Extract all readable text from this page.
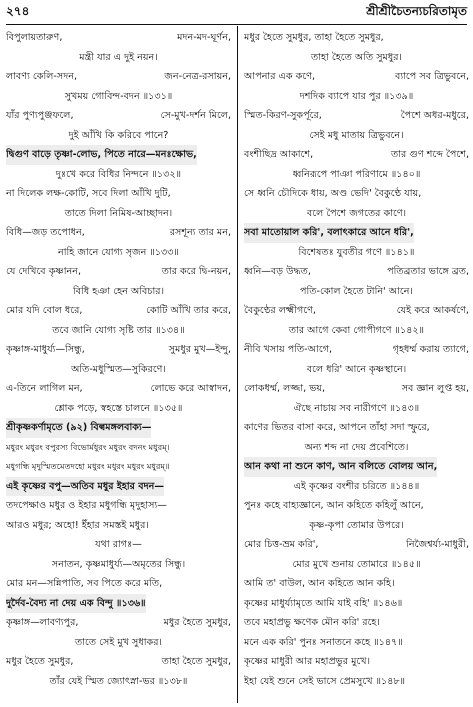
২৭৪	শ্রীশ্রীচৈতন্যচরিতামৃত
বিপুলায়তারুণ,	মদন-মদ-ঘূর্ণন,
মন্ত্রী যার এ দুই নয়ন।
লাবণ্য কেলি-সদন,	জন-নেত্র-রসায়ন,
সুখময় গোবিন্দ-বদন ॥১৩১॥
যাঁর পুণ্যপুঞ্জফলে,	সে-মুখ-দর্শন মিলে,
দুই আঁখি কি করিবে পানে?
দ্বিগুণ বাড়ে তৃষ্ণা-লোভ, পিতে নারে—মনঃক্ষোভ,
দুঃখে করে বিধির নিন্দনে ॥১৩২॥
না দিলেক লক্ষ-কোটি, সবে দিলা আঁখি দুটি,
তাতে দিলা নিমিষ-আচ্ছাদন।
বিধি—জড় তপোধন,	রসশূন্য তার মন,
নাহি জানে যোগ্য সৃজন ॥১৩৩॥
যে দেখিবে কৃষ্ণানন,	তার করে দ্বি-নয়ন,
বিধি হঞা হেন অবিচার।
মোর যদি বোল ধরে,	কোটি আঁখি তার করে,
তবে জানি যোগ্য সৃষ্টি তার ॥১৩৪॥
কৃষ্ণাঙ্গ-মাধুর্য্য—সিন্ধু,	সুমধুর মুখ—ইন্দু,
অতি-মধুস্মিত—সুকিরণে।
এ-তিনে লাগিল মন,	লোভে করে আস্বাদন,
শ্লোক পড়ে, স্বহস্তে চালনে ॥১৩৫॥
শ্রীকৃষ্ণকর্ণামৃতে (৯২) বিল্বমঙ্গলবাক্য—
মধুরং মধুরং বপুরস্য বিভোর্মধুরং মধুরং বদনং মধুরম্।
মধুগন্ধি মৃদুস্মিতমেতদহো মধুরং মধুরং মধুরং মধুরম্॥
এই কৃষ্ণের বপু—অতিব মধুর ইহার বদন—
তদপেক্ষাও মধুর ও ইহার মধুগন্ধি মৃদুহাস্য—
আরও মধুর; অহো! ইঁহার সমস্তই মধুর।
যথা রাগঃ—
সনাতন, কৃষ্ণমাধুর্য্য—অমৃতের সিন্ধু।
মোর মন—সন্নিপাতি, সব পিতে করে মতি,
দুর্দৈব-বৈদ্য না দেয় এক বিন্দু ॥১৩৬॥
কৃষ্ণাঙ্গ—লাবণ্যপুর,	মধুর হৈতে সুমধুর,
তাতে সেই মুখ সুধাকর।
মধুর হৈতে সুমধুর,	তাহা হৈতে সুমধুর,
তাঁর যেই স্মিত জ্যোৎস্না-ভর ॥১৩৮॥
মধুর হৈতে সুমধুর, তাহা হৈতে সুমধুর,
তাহা হৈতে অতি সুমধুর।
আপনার এক কণে,	ব্যাপে সব ত্রিভুবনে,
দশদিক ব্যাপে যার পুর ॥১৩৯॥
স্মিত-কিরণ-সুকর্পূরে,	পৈশে অধর-মধুরে,
সেই মধু মাতায় ত্রিভুবনে।
বংশীছিদ্র আকাশে,	তার গুণ শব্দে পৈশে,
ধ্বনিরূপে পাঞা পরিণামে ॥১৪০॥
সে ধ্বনি চৌদিকে ধায়, অণ্ড ভেদি' বৈকুণ্ঠে যায়,
বলে পৈশে জগতের কাণে।
সবা মাতোয়াল করি', বলাৎকারে আনে ধরি',
বিশেষতঃ যুবতীর গণে ॥১৪১॥
ধ্বনি—বড় উদ্ধত,	পতিব্রতার ভাঙ্গে ব্রত,
পতি-কোল হৈতে টানি' আনে।
বৈকুণ্ঠের লক্ষ্মীগণে,	যেই করে আকর্ষণে,
তার আগে কেবা গোপীগণে ॥১৪২॥
নীবি খসায় পতি-আগে,	গৃহধর্ম্ম করায় ত্যাগে,
বলে ধরি' আনে কৃষ্ণস্থানে।
লোকধর্ম্ম, লজ্জা, ভয়,	সব জ্ঞান লুপ্ত হয়,
ঐছে নাচায় সব নারীগণে ॥১৪৩॥
কাণের ভিতর বাসা করে, আপনে তাঁহা সদা স্ফুরে,
অন্য শব্দ না দেয় প্রবেশিতে।
আন কথা না শুনে কাণ, আন বলিতে বোলয় আন,
এই কৃষ্ণের বংশীর চরিতে ॥১৪৪॥
পুনঃ কহে বাহ্যজ্ঞানে, আন কহিতে কহিলুঁ আনে,
কৃষ্ণ-কৃপা তোমার উপরে।
মোর চিত্ত-ভ্রম করি',	নিজৈশ্বর্য্য-মাধুরী,
মোর মুখে শুনায় তোমারে ॥১৪৫॥
আমি ত' বাউল, আন কহিতে আন কহি।
কৃষ্ণের মাধুর্য্যামৃতে আমি যাই বহি' ॥১৪৬॥
তবে মহাপ্রভু ক্ষণেক মৌন করি' রহে।
মনে এক করি' পুনঃ সনাতনে কহে ॥১৪৭॥
কৃষ্ণের মাধুরী আর মহাপ্রভুর মুখে।
ইহা যেই শুনে সেই ভাসে প্রেমসুখে ॥১৪৮॥
